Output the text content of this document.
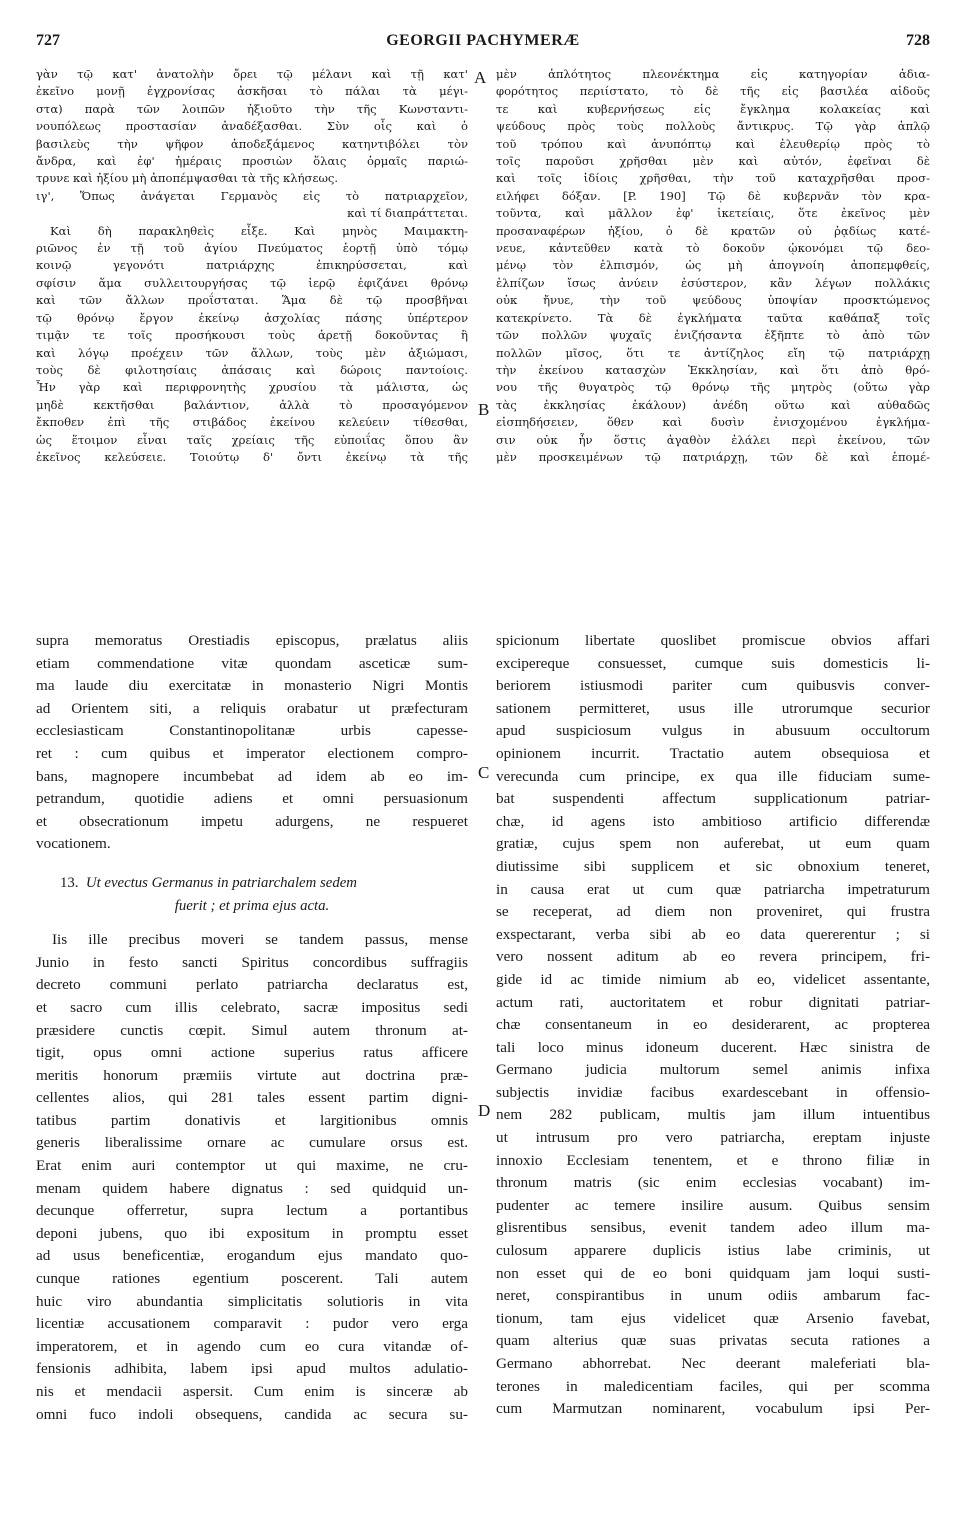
727	GEORGII PACHYMERÆ	728
γὰν τῷ κατ' ἀνατολὴν ὄρει τῷ μέλανι καὶ τῇ κατ'
ἐκεῖνο μονῇ ἐγχρονίσας ἀσκῆσαι τὸ πάλαι τὰ μέγι-
στα) παρὰ τῶν λοιπῶν ἠξιοῦτο τὴν τῆς Κωνσταντι-
νουπόλεως προστασίαν ἀναδέξασθαι. Σὺν οἷς καὶ ὁ
βασιλεὺς τὴν ψῆφον ἀποδεξάμενος κατηντιβόλει τὸν
ἄνδρα, καὶ ἐφ' ἡμέραις προσιὼν ὅλαις ὁρμαῖς παριώ-
τρυνε καὶ ἠξίου μὴ ἀποπέμψασθαι τὰ τῆς κλήσεως.
ιγ', Ὅπως ἀνάγεται Γερμανὸς εἰς τὸ πατριαρχεῖον,
καὶ τί διαπράττεται.
Καὶ δὴ παρακληθεὶς εἶξε. Καὶ μηνὸς Μαιμακτη-
ριῶνος ἐν τῇ τοῦ ἁγίου Πνεύματος ἑορτῇ ὑπὸ τόμῳ
κοινῷ γεγονότι πατριάρχης ἐπικηρύσσεται, καὶ
σφίσιν ἅμα συλλειτουργήσας τῷ ἱερῷ ἐφιζάνει θρόνῳ
καὶ τῶν ἄλλων προΐσταται. Ἅμα δὲ τῷ προσβῆναι
τῷ θρόνῳ ἔργον ἐκείνῳ ἀσχολίας πάσης ὑπέρτερον
τιμᾷν τε τοῖς προσήκουσι τοὺς ἀρετῇ δοκοῦντας ἢ
καὶ λόγῳ προέχειν τῶν ἄλλων, τοὺς μὲν ἀξιώμασι,
τοὺς δὲ φιλοτησίαις ἁπάσαις καὶ δώροις παντοίοις.
Ἦν γὰρ καὶ περιφρονητὴς χρυσίου τὰ μάλιστα, ὡς
μηδὲ κεκτῆσθαι βαλάντιον, ἀλλὰ τὸ προσαγόμενον
ἔκποθεν ἐπὶ τῆς στιβάδος ἐκείνου κελεύειν τίθεσθαι,
ὡς ἕτοιμον εἶναι ταῖς χρείαις τῆς εὐποιΐας ὅπου ἂν
ἐκεῖνος κελεύσειε. Τοιούτῳ δ' ὄντι ἐκείνῳ τὰ τῆς
μὲν ἁπλότητος πλεονέκτημα εἰς κατηγορίαν ἀδια-
φορότητος περιίστατο, τὸ δὲ τῆς εἰς βασιλέα αἰδοῦς
τε καὶ κυβερνήσεως εἰς ἔγκλημα κολακείας καὶ
ψεύδους πρὸς τοὺς πολλοὺς ἄντικρυς. Τῷ γὰρ ἁπλῷ
τοῦ τρόπου καὶ ἀνυπόπτῳ καὶ ἐλευθερίῳ πρὸς τὸ
τοῖς παροῦσι χρῆσθαι μὲν καὶ αὐτόν, ἐφεῖναι δὲ
καὶ τοῖς ἰδίοις χρῆσθαι, τὴν τοῦ καταχρῆσθαι προσ-
ειλήφει δόξαν. [P. 190] Τῷ δὲ κυβερνᾶν τὸν κρα-
τοῦντα, καὶ μᾶλλον ἐφ' ἱκετείαις, ὅτε ἐκεῖνος μὲν
προσαναφέρων ἠξίου, ὁ δὲ κρατῶν οὐ ῥᾳδίως κατέ-
νευε, κἀντεῦθεν κατὰ τὸ δοκοῦν ᾠκονόμει τῷ δεο-
μένῳ τὸν ἐλπισμόν, ὡς μὴ ἀπογνοίη ἀποπεμφθείς,
ἐλπίζων ἴσως ἀνύειν ἐσύστερον, κἂν λέγων πολλάκις
οὐκ ἤνυε, τὴν τοῦ ψεύδους ὑποψίαν προσκτώμενος
κατεκρίνετο. Τὰ δὲ ἐγκλήματα ταῦτα καθάπαξ τοῖς
τῶν πολλῶν ψυχαῖς ἐνιζήσαντα ἐξῆπτε τὸ ἀπὸ τῶν
πολλῶν μῖσος, ὅτι τε ἀντίζηλος εἴη τῷ πατριάρχῃ
τὴν ἐκείνου κατασχὼν Ἐκκλησίαν, καὶ ὅτι ἀπὸ θρό-
νου τῆς θυγατρὸς τῷ θρόνῳ τῆς μητρὸς (οὕτω γὰρ
τὰς ἐκκλησίας ἐκάλουν) ἀνέδη οὕτω καὶ αὐθαδῶς
εἰσπηδήσειεν, ὅθεν καὶ δυσὶν ἐνισχομένου ἐγκλήμα-
σιν οὐκ ἦν ὅστις ἀγαθὸν ἐλάλει περὶ ἐκείνου, τῶν
μὲν προσκειμένων τῷ πατριάρχῃ, τῶν δὲ καὶ ἑπομέ-
A
B
C
D
supra memoratus Orestiadis episcopus, prælatus aliis
etiam commendatione vitæ quondam asceticæ sum-
ma laude diu exercitatæ in monasterio Nigri Montis
ad Orientem siti, a reliquis orabatur ut præfecturam
ecclesiasticam Constantinopolitanæ urbis capesse-
ret : cum quibus et imperator electionem compro-
bans, magnopere incumbebat ad idem ab eo im-
petrandum, quotidie adiens et omni persuasionum
et obsecrationum impetu adurgens, ne respueret
vocationem.
13. Ut evectus Germanus in patriarchalem sedem
fuerit ; et prima ejus acta.
Iis ille precibus moveri se tandem passus, mense
Junio in festo sancti Spiritus concordibus suffragiis
decreto communi perlato patriarcha declaratus est,
et sacro cum illis celebrato, sacræ impositus sedi
præsidere cunctis cœpit. Simul autem thronum at-
tigit, opus omni actione superius ratus afficere
meritis honorum præmiis virtute aut doctrina præ-
cellentes alios, qui 281 tales essent partim digni-
tatibus partim donativis et largitionibus omnis
generis liberalissime ornare ac cumulare orsus est.
Erat enim auri contemptor ut qui maxime, ne cru-
menam quidem habere dignatus : sed quidquid un-
decunque offerretur, supra lectum a portantibus
deponi jubens, quo ibi expositum in promptu esset
ad usus beneficentiæ, erogandum ejus mandato quo-
cunque rationes egentium poscerent. Tali autem
huic viro abundantia simplicitatis solutioris in vita
licentiæ accusationem comparavit : pudor vero erga
imperatorem, et in agendo cum eo cura vitandæ of-
fensionis adhibita, labem ipsi apud multos adulatio-
nis et mendacii aspersit. Cum enim is sinceræ ab
omni fuco indoli obsequens, candida ac secura su-
spicionum libertate quoslibet promiscue obvios affari
excipereque consuesset, cumque suis domesticis li-
beriorem istiusmodi pariter cum quibusvis conver-
sationem permitteret, usus ille utrorumque securior
apud suspiciosum vulgus in abusuum occultorum
opinionem incurrit. Tractatio autem obsequiosa et
verecunda cum principe, ex qua ille fiduciam sume-
bat suspendenti affectum supplicationum patriar-
chæ, id agens isto ambitioso artificio differendæ
gratiæ, cujus spem non auferebat, ut eum quam
diutissime sibi supplicem et sic obnoxium teneret,
in causa erat ut cum quæ patriarcha impetraturum
se receperat, ad diem non proveniret, qui frustra
exspectarant, verba sibi ab eo data quererentur ; si
vero nossent aditum ab eo revera principem, fri-
gide id ac timide nimium ab eo, videlicet assentante,
actum rati, auctoritatem et robur dignitati patriar-
chæ consentaneum in eo desiderarent, ac propterea
tali loco minus idoneum ducerent. Hæc sinistra de
Germano judicia multorum semel animis infixa
subjectis invidiæ facibus exardescebant in offensio-
nem 282 publicam, multis jam illum intuentibus
ut intrusum pro vero patriarcha, ereptam injuste
innoxio Ecclesiam tenentem, et e throno filiæ in
thronum matris (sic enim ecclesias vocabant) im-
pudenter ac temere insilire ausum. Quibus sensim
glisrentibus sensibus, evenit tandem adeo illum ma-
culosum apparere duplicis istius labe criminis, ut
non esset qui de eo boni quidquam jam loqui susti-
neret, conspirantibus in unum odiis ambarum fac-
tionum, tam ejus videlicet quæ Arsenio favebat,
quam alterius quæ suas privatas secuta rationes a
Germano abhorrebat. Nec deerant maleferiati bla-
terones in maledicentiam faciles, qui per scomma
cum Marmutzan nominarent, vocabulum ipsi Per-
